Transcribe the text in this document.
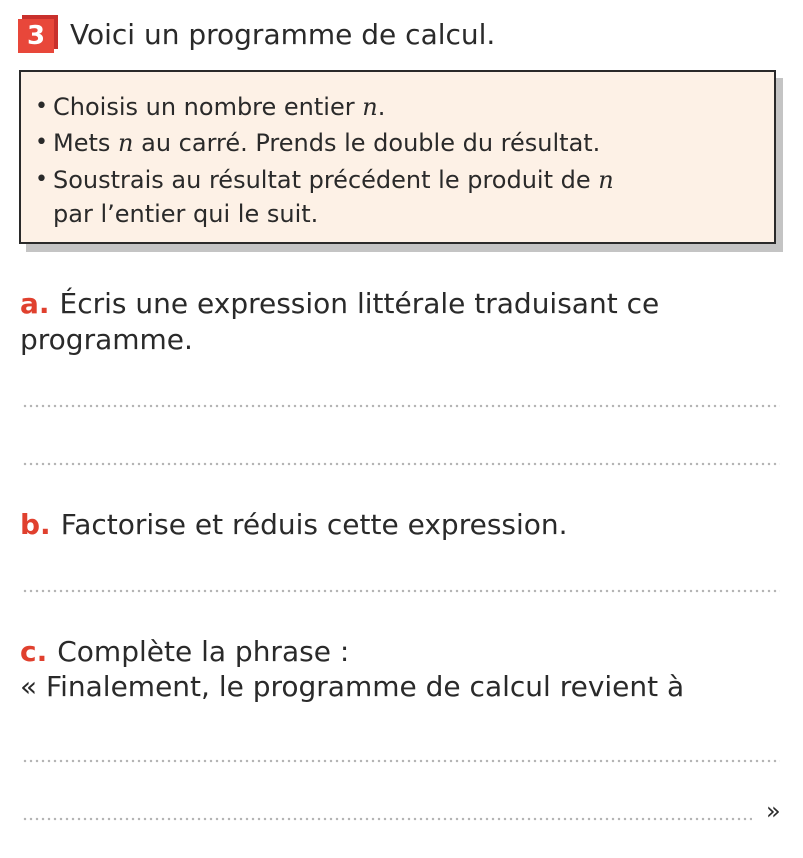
3 Voici un programme de calcul.
• Choisis un nombre entier n.
• Mets n au carré. Prends le double du résultat.
• Soustrais au résultat précédent le produit de n
par l’entier qui le suit.
a. Écris une expression littérale traduisant ce
programme.
b. Factorise et réduis cette expression.
c. Complète la phrase :
« Finalement, le programme de calcul revient à
»
